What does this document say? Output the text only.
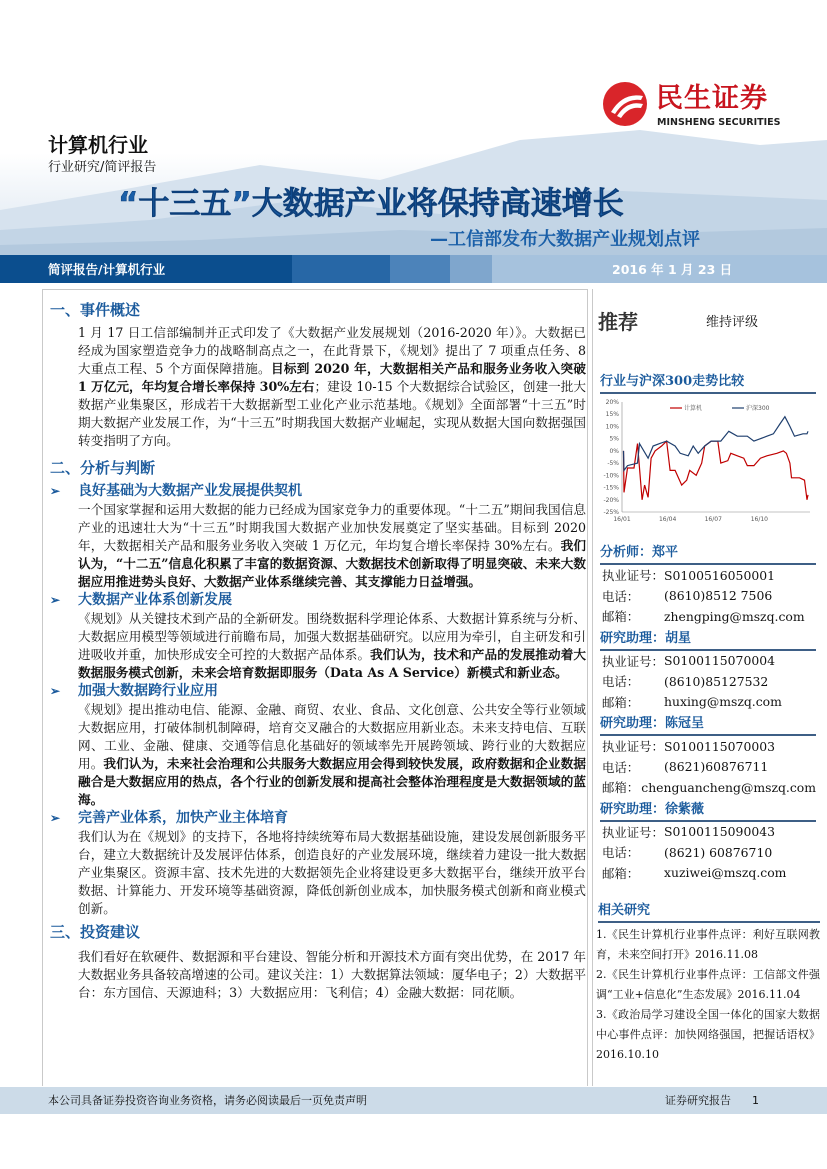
民生证券
MINSHENG SECURITIES
计算机行业
行业研究/简评报告
“十三五”大数据产业将保持高速增长
—工信部发布大数据产业规划点评
简评报告/计算机行业	2016 年 1 月 23 日
一、事件概述
1 月 17 日工信部编制并正式印发了《大数据产业发展规划（2016-2020 年）》。大数据已经成为国家塑造竞争力的战略制高点之一，在此背景下，《规划》提出了 7 项重点任务、8 大重点工程、5 个方面保障措施。目标到 2020 年，大数据相关产品和服务业务收入突破 1 万亿元，年均复合增长率保持 30%左右；建设 10-15 个大数据综合试验区，创建一批大数据产业集聚区，形成若干大数据新型工业化产业示范基地。《规划》全面部署“十三五”时期大数据产业发展工作，为“十三五”时期我国大数据产业崛起，实现从数据大国向数据强国转变指明了方向。
二、分析与判断
➢	良好基础为大数据产业发展提供契机
一个国家掌握和运用大数据的能力已经成为国家竞争力的重要体现。“十二五”期间我国信息产业的迅速壮大为“十三五”时期我国大数据产业加快发展奠定了坚实基础。目标到 2020 年，大数据相关产品和服务业务收入突破 1 万亿元，年均复合增长率保持 30%左右。我们认为，“十二五”信息化积累了丰富的数据资源、大数据技术创新取得了明显突破、未来大数据应用推进势头良好、大数据产业体系继续完善、其支撑能力日益增强。
➢	大数据产业体系创新发展
《规划》从关键技术到产品的全新研发。围绕数据科学理论体系、大数据计算系统与分析、大数据应用模型等领域进行前瞻布局，加强大数据基础研究。以应用为牵引，自主研发和引进吸收并重，加快形成安全可控的大数据产品体系。我们认为，技术和产品的发展推动着大数据服务模式创新，未来会培育数据即服务（Data As A Service）新模式和新业态。
➢	加强大数据跨行业应用
《规划》提出推动电信、能源、金融、商贸、农业、食品、文化创意、公共安全等行业领域大数据应用，打破体制机制障碍，培育交叉融合的大数据应用新业态。未来支持电信、互联网、工业、金融、健康、交通等信息化基础好的领域率先开展跨领域、跨行业的大数据应用。我们认为，未来社会治理和公共服务大数据应用会得到较快发展，政府数据和企业数据融合是大数据应用的热点，各个行业的创新发展和提高社会整体治理程度是大数据领域的蓝海。
➢	完善产业体系，加快产业主体培育
我们认为在《规划》的支持下，各地将持续统筹布局大数据基础设施，建设发展创新服务平台，建立大数据统计及发展评估体系，创造良好的产业发展环境，继续着力建设一批大数据产业集聚区。资源丰富、技术先进的大数据领先企业将建设更多大数据平台，继续开放平台数据、计算能力、开发环境等基础资源，降低创新创业成本，加快服务模式创新和商业模式创新。
三、投资建议
我们看好在软硬件、数据源和平台建设、智能分析和开源技术方面有突出优势，在 2017 年大数据业务具备较高增速的公司。建议关注：1）大数据算法领域：厦华电子；2）大数据平台：东方国信、天源迪科；3）大数据应用：飞利信；4）金融大数据：同花顺。
推荐	维持评级
行业与沪深300走势比较
20%
15%
10%
5%
0%
-5%
-10%
-15%
-20%
-25%
16/01	16/04	16/07	16/10
计算机	沪深300
分析师：郑平
执业证号： S0100516050001
电话：	(8610)8512 7506
邮箱：	zhengping@mszq.com
研究助理：胡星
执业证号： S0100115070004
电话：	(8610)85127532
邮箱：	huxing@mszq.com
研究助理：陈冠呈
执业证号： S0100115070003
电话：	(8621)60876711
邮箱： chenguancheng@mszq.com
研究助理：徐紫薇
执业证号： S0100115090043
电话：	(8621) 60876710
邮箱：	xuziwei@mszq.com
相关研究
1.《民生计算机行业事件点评：利好互联网教育，未来空间打开》2016.11.08
2.《民生计算机行业事件点评：工信部文件强调“工业+信息化”生态发展》2016.11.04
3.《政治局学习建设全国一体化的国家大数据中心事件点评：加快网络强国，把握话语权》2016.10.10
本公司具备证券投资咨询业务资格，请务必阅读最后一页免责声明	证券研究报告 1
